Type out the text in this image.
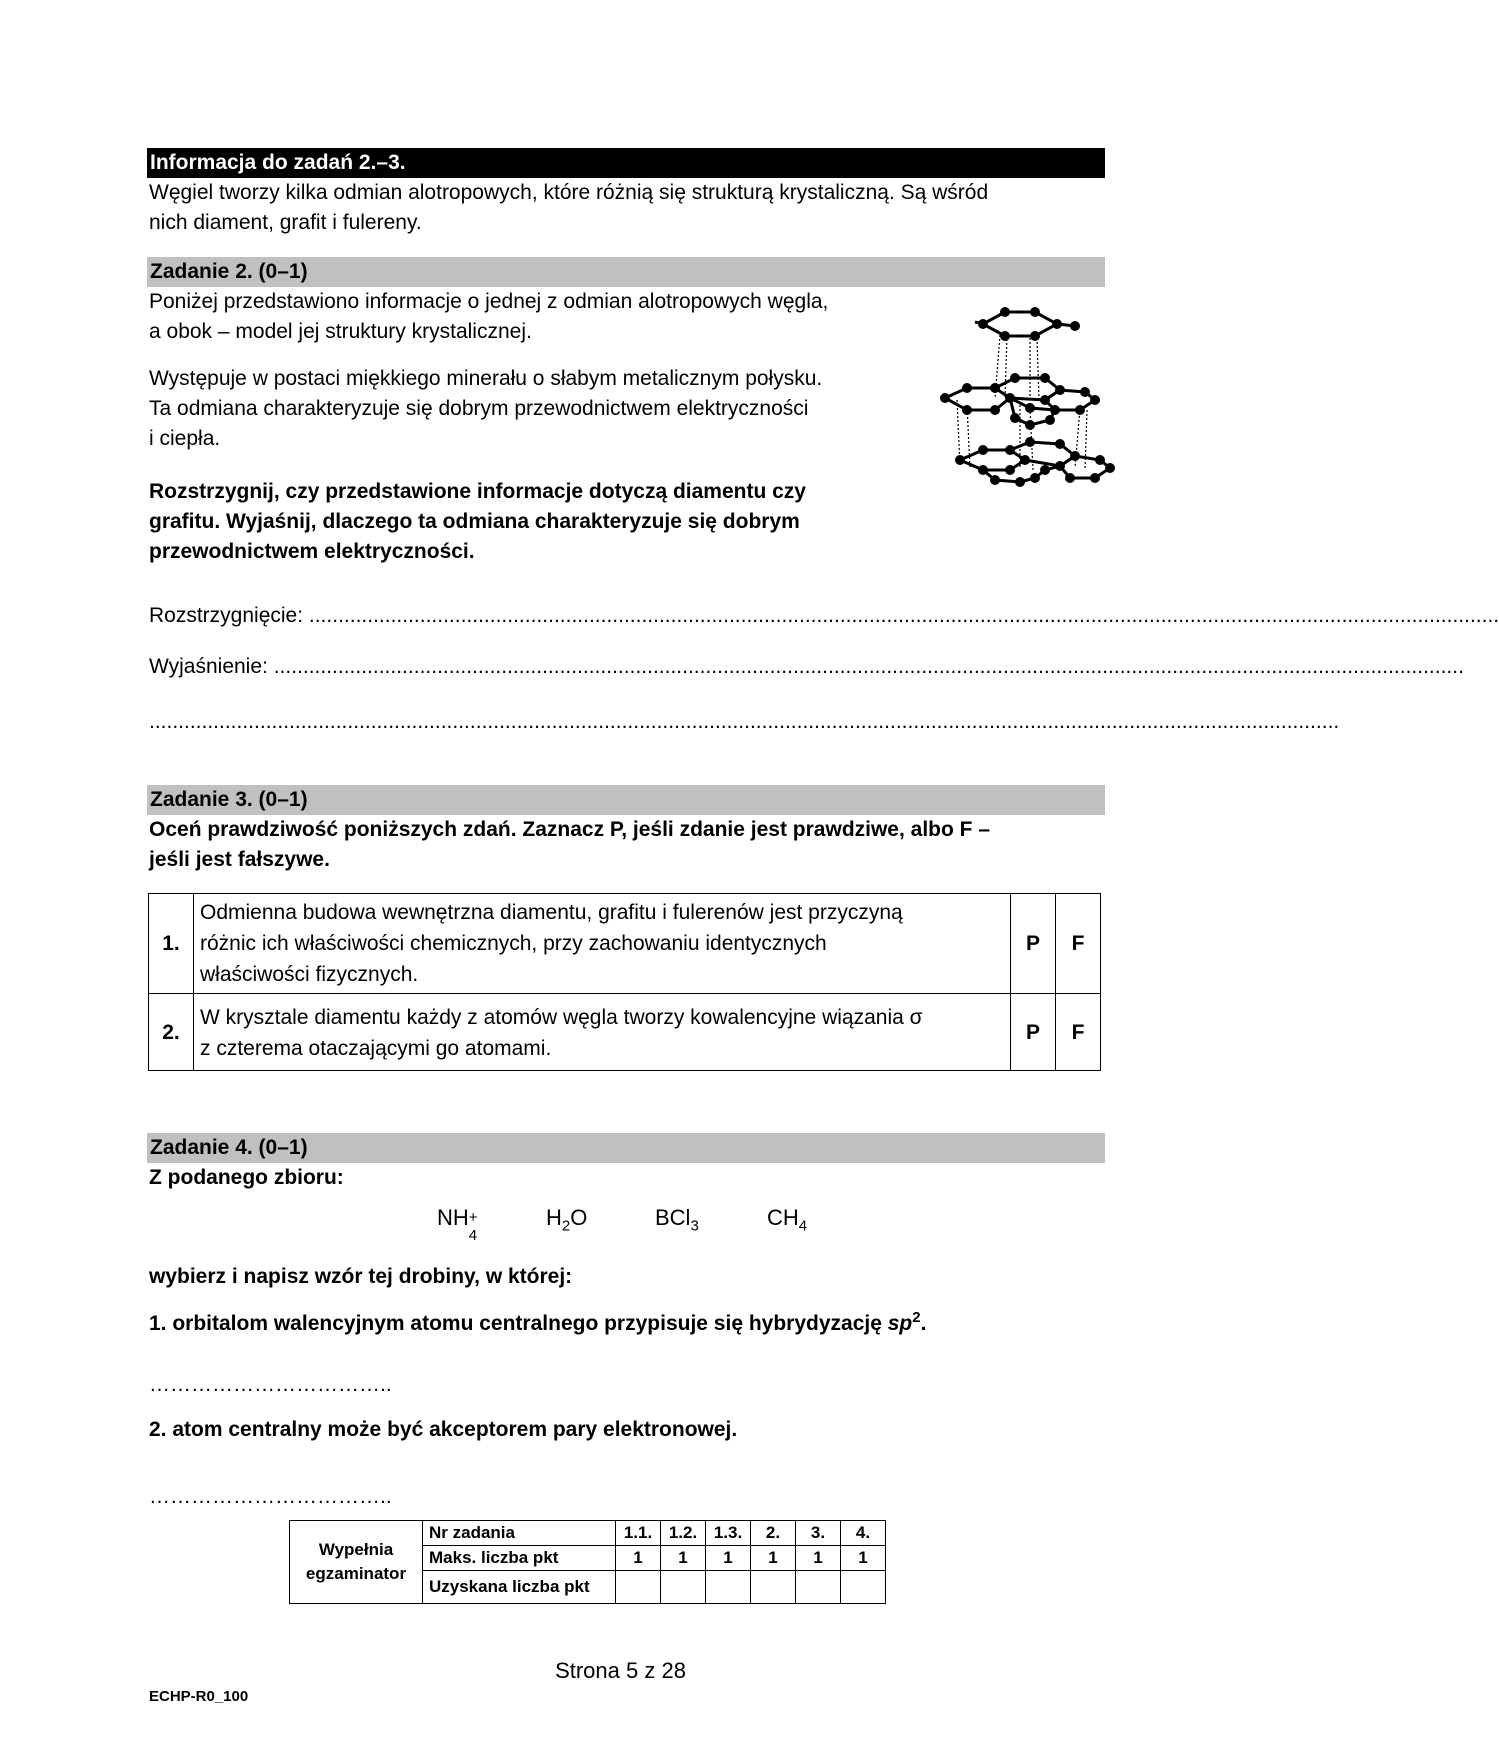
Informacja do zadań 2.–3.
Węgiel tworzy kilka odmian alotropowych, które różnią się strukturą krystaliczną. Są wśród
nich diament, grafit i fulereny.
Zadanie 2. (0–1)
Poniżej przedstawiono informacje o jednej z odmian alotropowych węgla,
a obok – model jej struktury krystalicznej.
Występuje w postaci miękkiego minerału o słabym metalicznym połysku.
Ta odmiana charakteryzuje się dobrym przewodnictwem elektryczności
i ciepła.
Rozstrzygnij, czy przedstawione informacje dotyczą diamentu czy
grafitu. Wyjaśnij, dlaczego ta odmiana charakteryzuje się dobrym
przewodnictwem elektryczności.
Rozstrzygnięcie: ............................................................................................................................................................................................................
Wyjaśnienie: ............................................................................................................................................................................................................
............................................................................................................................................................................................................
Zadanie 3. (0–1)
Oceń prawdziwość poniższych zdań. Zaznacz P, jeśli zdanie jest prawdziwe, albo F –
jeśli jest fałszywe.
1.	Odmienna budowa wewnętrzna diamentu, grafitu i fulerenów jest przyczyną
różnic ich właściwości chemicznych, przy zachowaniu identycznych
właściwości fizycznych.	P	F
2.	W krysztale diamentu każdy z atomów węgla tworzy kowalencyjne wiązania σ
z czterema otaczającymi go atomami.	P	F
Zadanie 4. (0–1)
Z podanego zbioru:
NH +
4
$H_2O$	BCl$_3$	$CH_4$
wybierz i napisz wzór tej drobiny, w której:
1. orbitalom walencyjnym atomu centralnego przypisuje się hybrydyzację $sp^2$.
……………………………..
2. atom centralny może być akceptorem pary elektronowej.
……………………………..
Wypełnia
egzaminator	Nr zadania	1.1.	1.2.	1.3.	2.	3.	4.
	Maks. liczba pkt	1	1	1	1	1	1
	Uzyskana liczba pkt						
Strona 5 z 28
ECHP-R0_100
